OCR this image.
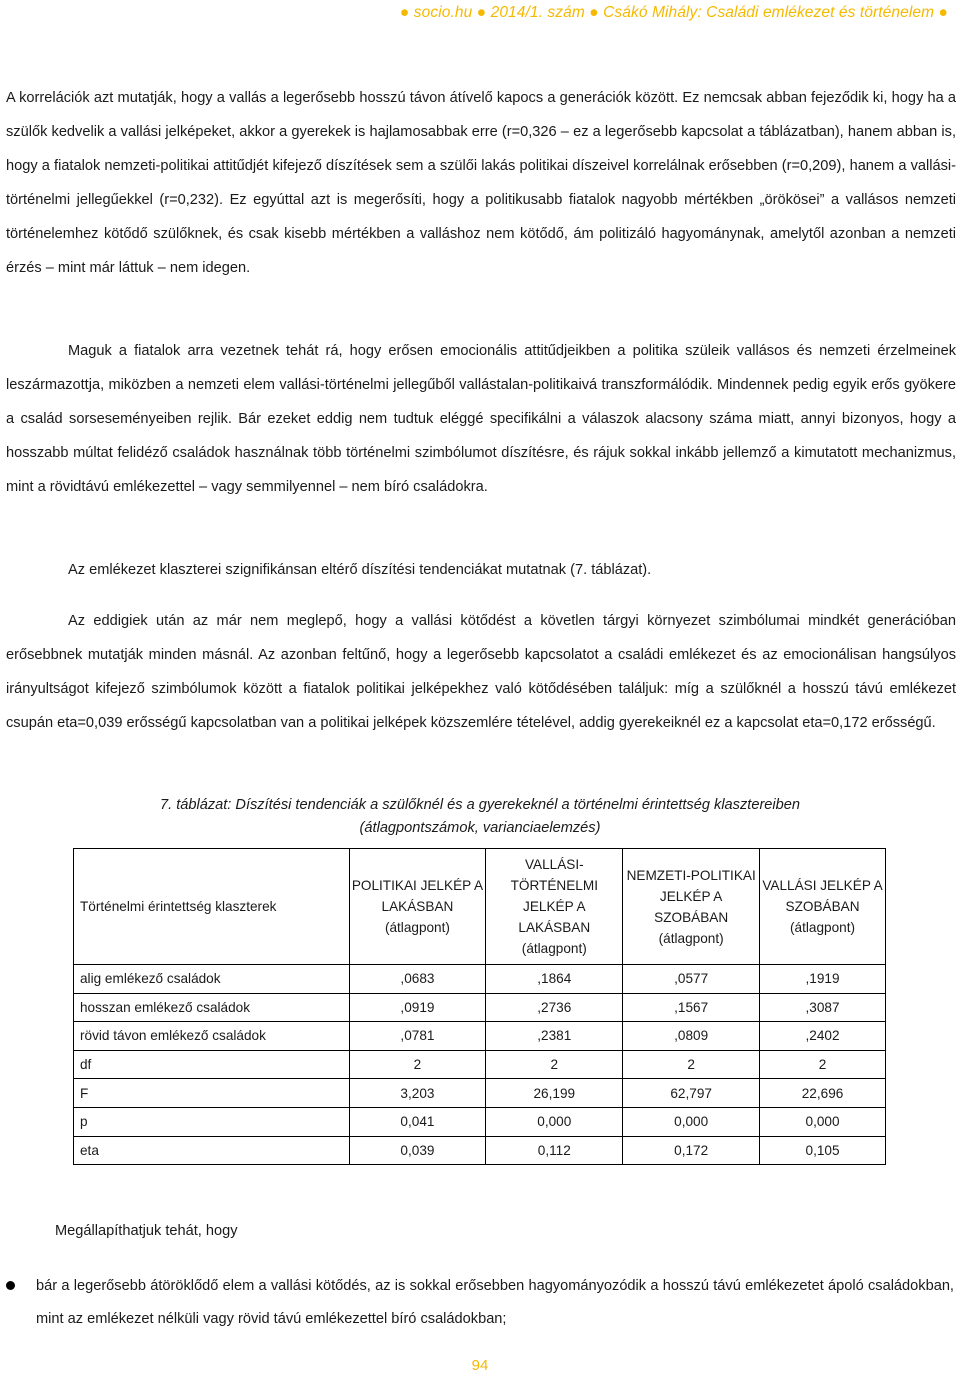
● socio.hu ● 2014/1. szám ● Csákó Mihály: Családi emlékezet és történelem ●

A korrelációk azt mutatják, hogy a vallás a legerősebb hosszú távon átívelő kapocs a generációk között. Ez nemcsak abban fejeződik ki, hogy ha a szülők kedvelik a vallási jelképeket, akkor a gyerekek is hajlamosabbak erre (r=0,326 – ez a legerősebb kapcsolat a táblázatban), hanem abban is, hogy a fiatalok nemzeti-politikai attitűdjét kifejező díszítések sem a szülői lakás politikai díszeivel korrelálnak erősebben (r=0,209), hanem a vallási-történelmi jellegűekkel (r=0,232). Ez egyúttal azt is megerősíti, hogy a politikusabb fiatalok nagyobb mértékben „örökösei” a vallásos nemzeti történelemhez kötődő szülőknek, és csak kisebb mértékben a valláshoz nem kötődő, ám politizáló hagyománynak, amelytől azonban a nemzeti érzés – mint már láttuk – nem idegen.

Maguk a fiatalok arra vezetnek tehát rá, hogy erősen emocionális attitűdjeikben a politika szüleik vallásos és nemzeti érzelmeinek leszármazottja, miközben a nemzeti elem vallási-történelmi jellegűből vallástalan-politikaivá transzformálódik. Mindennek pedig egyik erős gyökere a család sorseseményeiben rejlik. Bár ezeket eddig nem tudtuk eléggé specifikálni a válaszok alacsony száma miatt, annyi bizonyos, hogy a hosszabb múltat felidéző családok használnak több történelmi szimbólumot díszítésre, és rájuk sokkal inkább jellemző a kimutatott mechanizmus, mint a rövidtávú emlékezettel – vagy semmilyennel – nem bíró családokra.

Az emlékezet klaszterei szignifikánsan eltérő díszítési tendenciákat mutatnak (7. táblázat).

Az eddigiek után az már nem meglepő, hogy a vallási kötődést a követlen tárgyi környezet szimbólumai mindkét generációban erősebbnek mutatják minden másnál. Az azonban feltűnő, hogy a legerősebb kapcsolatot a családi emlékezet és az emocionálisan hangsúlyos irányultságot kifejező szimbólumok között a fiatalok politikai jelképekhez való kötődésében találjuk: míg a szülőknél a hosszú távú emlékezet csupán eta=0,039 erősségű kapcsolatban van a politikai jelképek közszemlére tételével, addig gyerekeiknél ez a kapcsolat eta=0,172 erősségű.

7. táblázat: Díszítési tendenciák a szülőknél és a gyerekeknél a történelmi érintettség klasztereiben
(átlagpontszámok, varianciaelemzés)
Történelmi érintettség klaszterek	POLITIKAI JELKÉP A LAKÁSBAN (átlagpont)	VALLÁSI-TÖRTÉNELMI JELKÉP A LAKÁSBAN (átlagpont)	NEMZETI-POLITIKAI JELKÉP A SZOBÁBAN (átlagpont)	VALLÁSI JELKÉP A SZOBÁBAN (átlagpont)
alig emlékező családok	,0683	,1864	,0577	,1919
hosszan emlékező családok	,0919	,2736	,1567	,3087
rövid távon emlékező családok	,0781	,2381	,0809	,2402
df	2	2	2	2
F	3,203	26,199	62,797	22,696
p	0,041	0,000	0,000	0,000
eta	0,039	0,112	0,172	0,105

Megállapíthatjuk tehát, hogy

bár a legerősebb átöröklődő elem a vallási kötődés, az is sokkal erősebben hagyományozódik a hosszú távú emlékezetet ápoló családokban, mint az emlékezet nélküli vagy rövid távú emlékezettel bíró családokban;

94
